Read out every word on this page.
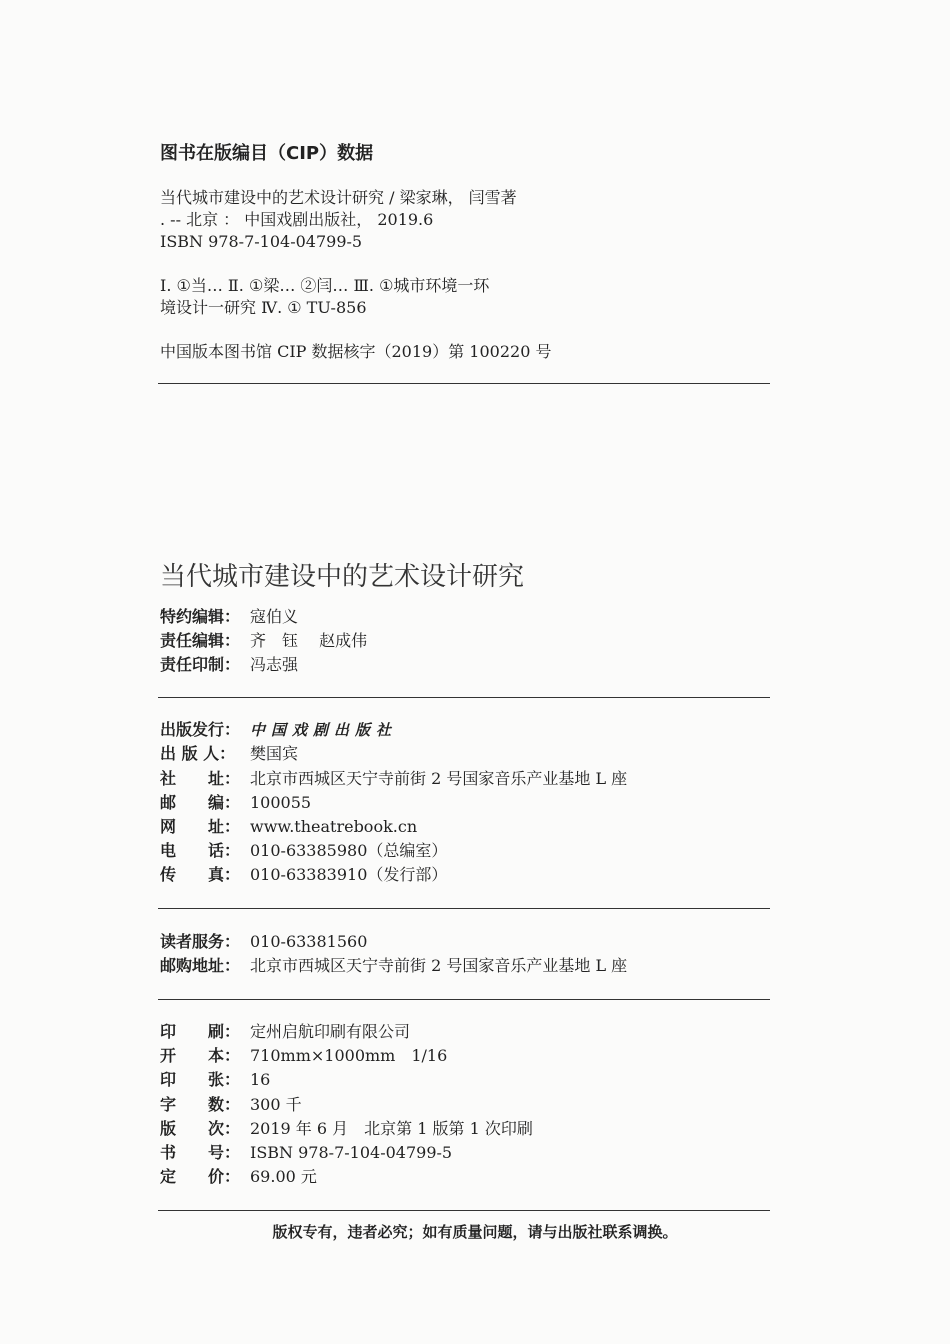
图书在版编目（CIP）数据
当代城市建设中的艺术设计研究 / 梁家琳， 闫雪著
. -- 北京 ： 中国戏剧出版社， 2019.6
ISBN 978-7-104-04799-5
Ⅰ. ①当… Ⅱ. ①梁… ②闫… Ⅲ. ①城市环境一环
境设计一研究 Ⅳ. ① TU-856
中国版本图书馆 CIP 数据核字（2019）第 100220 号
当代城市建设中的艺术设计研究
特约编辑： 寇伯义
责任编辑： 齐　钰　 赵成伟
责任印制： 冯志强
出版发行： 中国戏剧出版社
出 版 人： 樊国宾
社　　址： 北京市西城区天宁寺前街 2 号国家音乐产业基地 L 座
邮　　编： 100055
网　　址： www.theatrebook.cn
电　　话： 010-63385980（总编室）
传　　真： 010-63383910（发行部）
读者服务： 010-63381560
邮购地址： 北京市西城区天宁寺前街 2 号国家音乐产业基地 L 座
印　　刷： 定州启航印刷有限公司
开　　本： 710mm×1000mm　1/16
印　　张： 16
字　　数： 300 千
版　　次： 2019 年 6 月　北京第 1 版第 1 次印刷
书　　号： ISBN 978-7-104-04799-5
定　　价： 69.00 元
版权专有，违者必究；如有质量问题，请与出版社联系调换。
